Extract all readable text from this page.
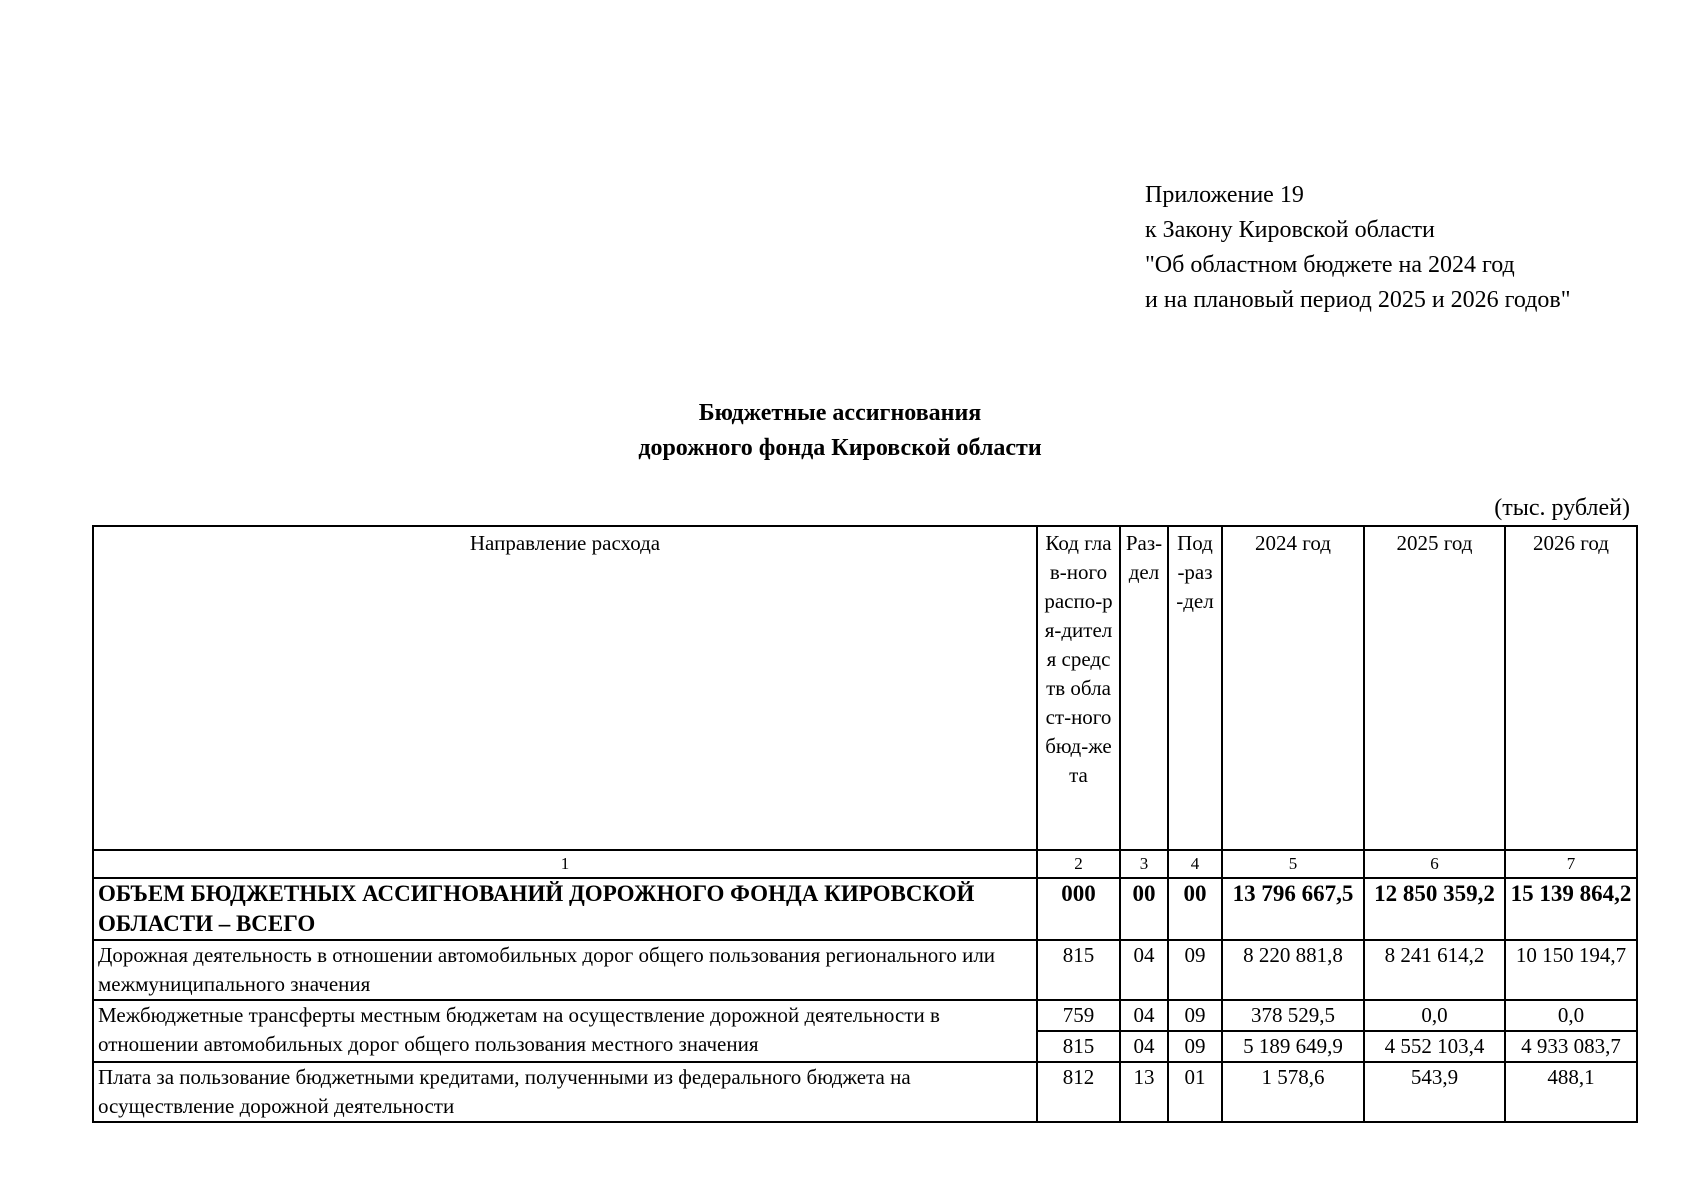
Приложение 19
к Закону Кировской области
"Об областном бюджете на 2024 год
и на плановый период 2025 и 2026 годов"
Бюджетные ассигнования
дорожного фонда Кировской области
(тыс. рублей)
Направление расхода	Код глав-ного распо-ря-дителя средств област-ного бюд-жета	Раз-дел	Под-раз-дел	2024 год	2025 год	2026 год
1	2	3	4	5	6	7
ОБЪЕМ БЮДЖЕТНЫХ АССИГНОВАНИЙ ДОРОЖНОГО ФОНДА КИРОВСКОЙ ОБЛАСТИ – ВСЕГО	000	00	00	13 796 667,5	12 850 359,2	15 139 864,2
Дорожная деятельность в отношении автомобильных дорог общего пользования регионального или межмуниципального значения	815	04	09	8 220 881,8	8 241 614,2	10 150 194,7
Межбюджетные трансферты местным бюджетам на осуществление дорожной деятельности в отношении автомобильных дорог общего пользования местного значения	759	04	09	378 529,5	0,0	0,0
	815	04	09	5 189 649,9	4 552 103,4	4 933 083,7
Плата за пользование бюджетными кредитами, полученными из федерального бюджета на осуществление дорожной деятельности	812	13	01	1 578,6	543,9	488,1
